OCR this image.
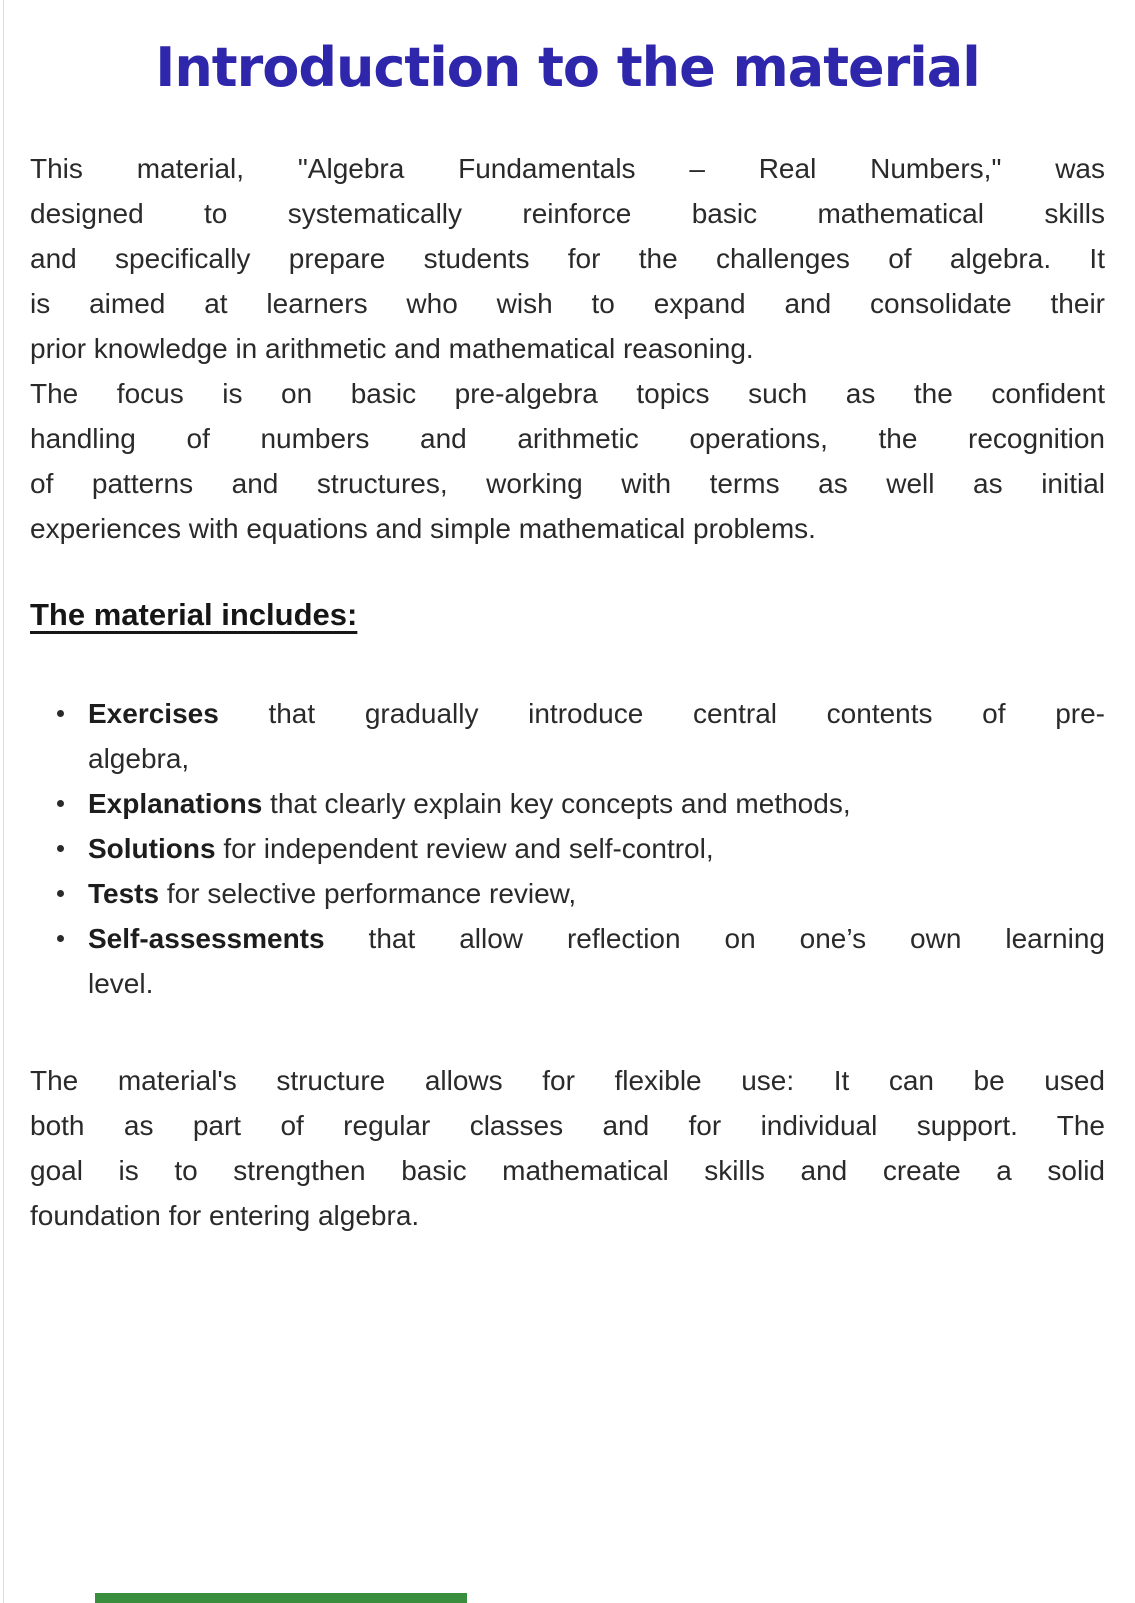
Introduction to the material
This material, "Algebra Fundamentals – Real Numbers," was
designed to systematically reinforce basic mathematical skills
and specifically prepare students for the challenges of algebra. It
is aimed at learners who wish to expand and consolidate their
prior knowledge in arithmetic and mathematical reasoning.
The focus is on basic pre-algebra topics such as the confident
handling of numbers and arithmetic operations, the recognition
of patterns and structures, working with terms as well as initial
experiences with equations and simple mathematical problems.
The material includes:
Exercises that gradually introduce central contents of pre-
algebra,
Explanations that clearly explain key concepts and methods,
Solutions for independent review and self-control,
Tests for selective performance review,
Self-assessments that allow reflection on one’s own learning
level.
The material's structure allows for flexible use: It can be used
both as part of regular classes and for individual support. The
goal is to strengthen basic mathematical skills and create a solid
foundation for entering algebra.
